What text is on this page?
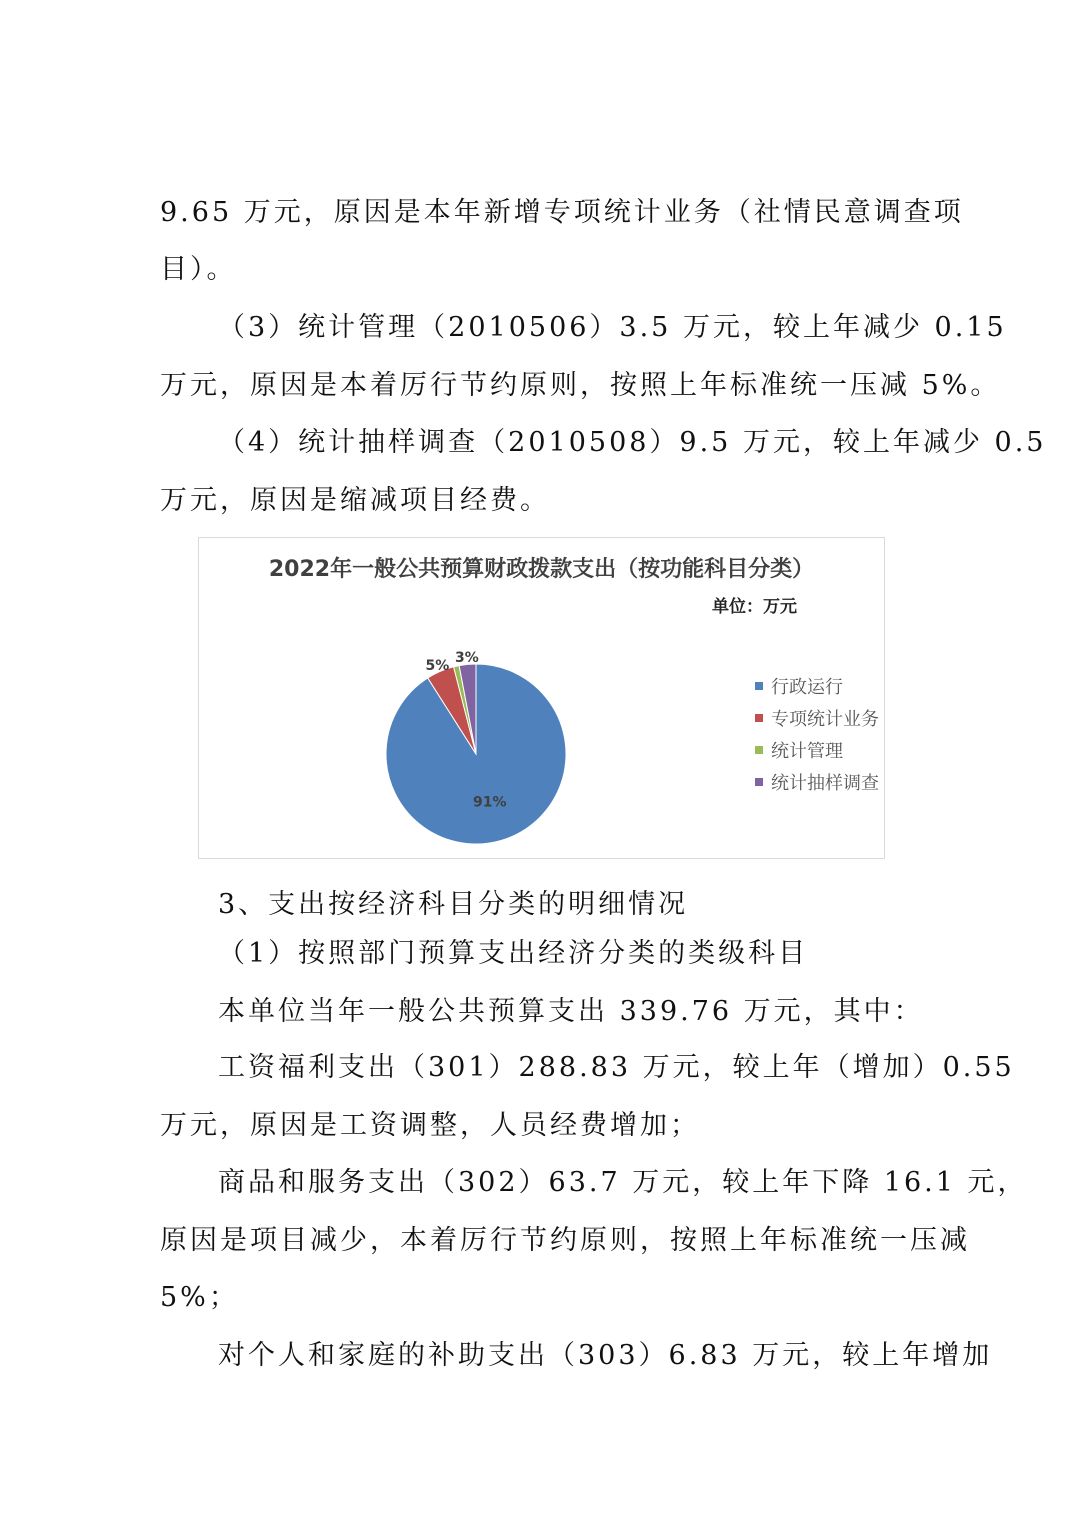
9.65 万元，原因是本年新增专项统计业务（社情民意调查项
目）。
（3）统计管理（2010506）3.5 万元，较上年减少 0.15
万元，原因是本着厉行节约原则，按照上年标准统一压减 5%。
（4）统计抽样调查（2010508）9.5 万元，较上年减少 0.5
万元，原因是缩减项目经费。
2022年一般公共预算财政拨款支出（按功能科目分类）
单位：万元
91%
5% 3%
行政运行
专项统计业务
统计管理
统计抽样调查
3、支出按经济科目分类的明细情况
（1）按照部门预算支出经济分类的类级科目
本单位当年一般公共预算支出 339.76 万元，其中：
工资福利支出（301）288.83 万元，较上年（增加）0.55
万元，原因是工资调整，人员经费增加；
商品和服务支出（302）63.7 万元，较上年下降 16.1 元，
原因是项目减少，本着厉行节约原则，按照上年标准统一压减
5%；
对个人和家庭的补助支出（303）6.83 万元，较上年增加
